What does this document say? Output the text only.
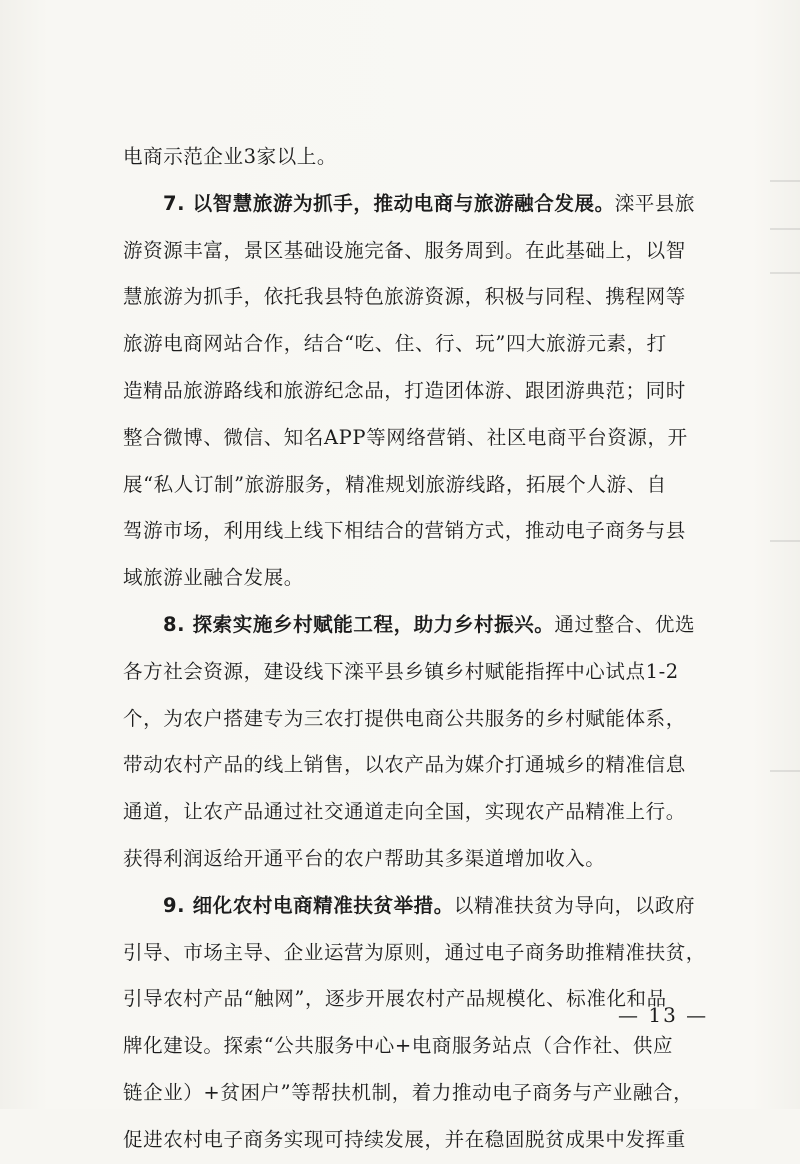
电商示范企业3家以上。
7. 以智慧旅游为抓手，推动电商与旅游融合发展。滦平县旅
游资源丰富，景区基础设施完备、服务周到。在此基础上，以智
慧旅游为抓手，依托我县特色旅游资源，积极与同程、携程网等
旅游电商网站合作，结合“吃、住、行、玩”四大旅游元素，打
造精品旅游路线和旅游纪念品，打造团体游、跟团游典范；同时
整合微博、微信、知名APP等网络营销、社区电商平台资源，开
展“私人订制”旅游服务，精准规划旅游线路，拓展个人游、自
驾游市场，利用线上线下相结合的营销方式，推动电子商务与县
域旅游业融合发展。
8. 探索实施乡村赋能工程，助力乡村振兴。通过整合、优选
各方社会资源，建设线下滦平县乡镇乡村赋能指挥中心试点1-2
个，为农户搭建专为三农打提供电商公共服务的乡村赋能体系，
带动农村产品的线上销售，以农产品为媒介打通城乡的精准信息
通道，让农产品通过社交通道走向全国，实现农产品精准上行。
获得利润返给开通平台的农户帮助其多渠道增加收入。
9. 细化农村电商精准扶贫举措。以精准扶贫为导向，以政府
引导、市场主导、企业运营为原则，通过电子商务助推精准扶贫，
引导农村产品“触网”，逐步开展农村产品规模化、标准化和品
牌化建设。探索“公共服务中心+电商服务站点（合作社、供应
链企业）+贫困户”等帮扶机制，着力推动电子商务与产业融合，
促进农村电子商务实现可持续发展，并在稳固脱贫成果中发挥重
— 13 —
